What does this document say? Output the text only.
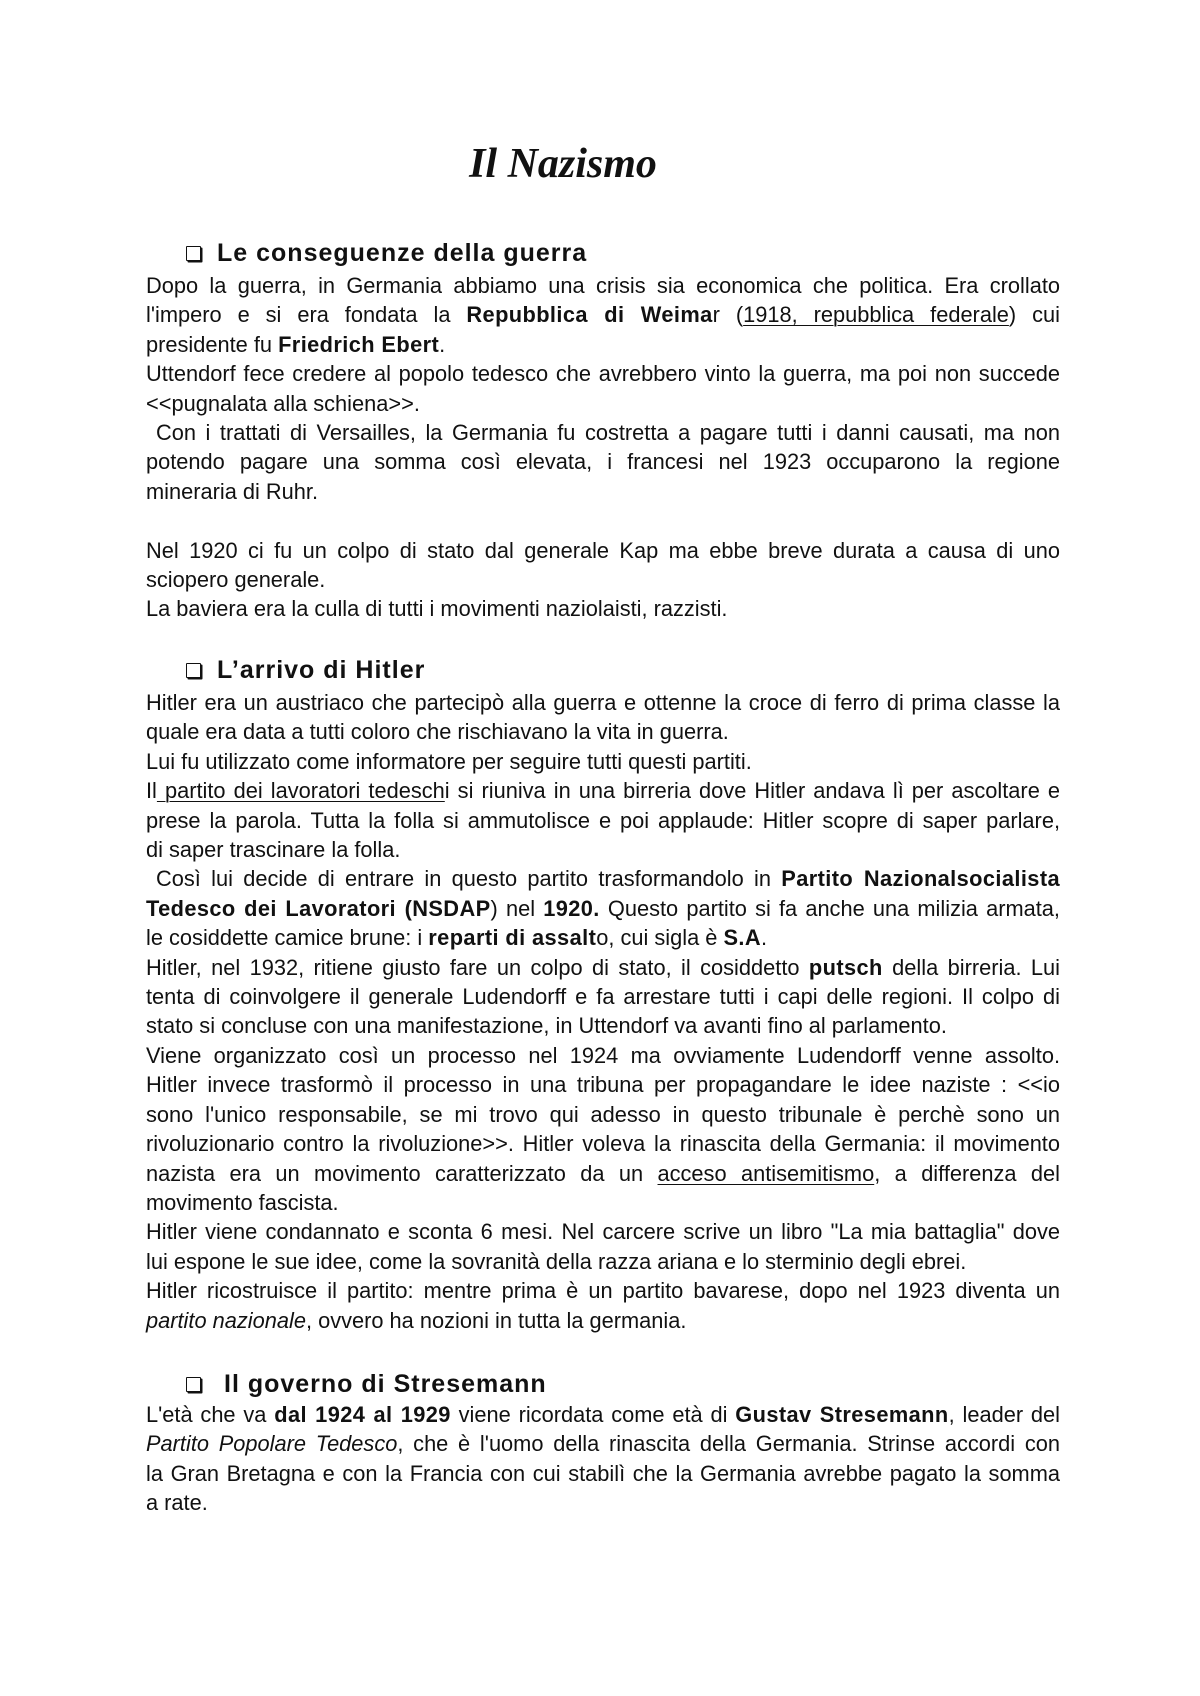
Il Nazismo
Le conseguenze della guerra
Dopo la guerra, in Germania abbiamo una crisis sia economica che politica. Era crollato
l'impero e si era fondata la Repubblica di Weimar (1918, repubblica federale) cui
presidente fu Friedrich Ebert.
Uttendorf fece credere al popolo tedesco che avrebbero vinto la guerra, ma poi non succede
<<pugnalata alla schiena>>.
Con i trattati di Versailles, la Germania fu costretta a pagare tutti i danni causati, ma non
potendo pagare una somma così elevata, i francesi nel 1923 occuparono la regione
mineraria di Ruhr.
Nel 1920 ci fu un colpo di stato dal generale Kap ma ebbe breve durata a causa di uno
sciopero generale.
La baviera era la culla di tutti i movimenti naziolaisti, razzisti.
L’arrivo di Hitler
Hitler era un austriaco che partecipò alla guerra e ottenne la croce di ferro di prima classe la
quale era data a tutti coloro che rischiavano la vita in guerra.
Lui fu utilizzato come informatore per seguire tutti questi partiti.
Il partito dei lavoratori tedeschi si riuniva in una birreria dove Hitler andava lì per ascoltare e
prese la parola. Tutta la folla si ammutolisce e poi applaude: Hitler scopre di saper parlare,
di saper trascinare la folla.
Così lui decide di entrare in questo partito trasformandolo in Partito Nazionalsocialista
Tedesco dei Lavoratori (NSDAP) nel 1920. Questo partito si fa anche una milizia armata,
le cosiddette camice brune: i reparti di assalto, cui sigla è S.A.
Hitler, nel 1932, ritiene giusto fare un colpo di stato, il cosiddetto putsch della birreria. Lui
tenta di coinvolgere il generale Ludendorff e fa arrestare tutti i capi delle regioni. Il colpo di
stato si concluse con una manifestazione, in Uttendorf va avanti fino al parlamento.
Viene organizzato così un processo nel 1924 ma ovviamente Ludendorff venne assolto.
Hitler invece trasformò il processo in una tribuna per propagandare le idee naziste : <<io
sono l'unico responsabile, se mi trovo qui adesso in questo tribunale è perchè sono un
rivoluzionario contro la rivoluzione>>. Hitler voleva la rinascita della Germania: il movimento
nazista era un movimento caratterizzato da un acceso antisemitismo, a differenza del
movimento fascista.
Hitler viene condannato e sconta 6 mesi. Nel carcere scrive un libro "La mia battaglia" dove
lui espone le sue idee, come la sovranità della razza ariana e lo sterminio degli ebrei.
Hitler ricostruisce il partito: mentre prima è un partito bavarese, dopo nel 1923 diventa un
partito nazionale, ovvero ha nozioni in tutta la germania.
Il governo di Stresemann
L'età che va dal 1924 al 1929 viene ricordata come età di Gustav Stresemann, leader del
Partito Popolare Tedesco, che è l'uomo della rinascita della Germania. Strinse accordi con
la Gran Bretagna e con la Francia con cui stabilì che la Germania avrebbe pagato la somma
a rate.
